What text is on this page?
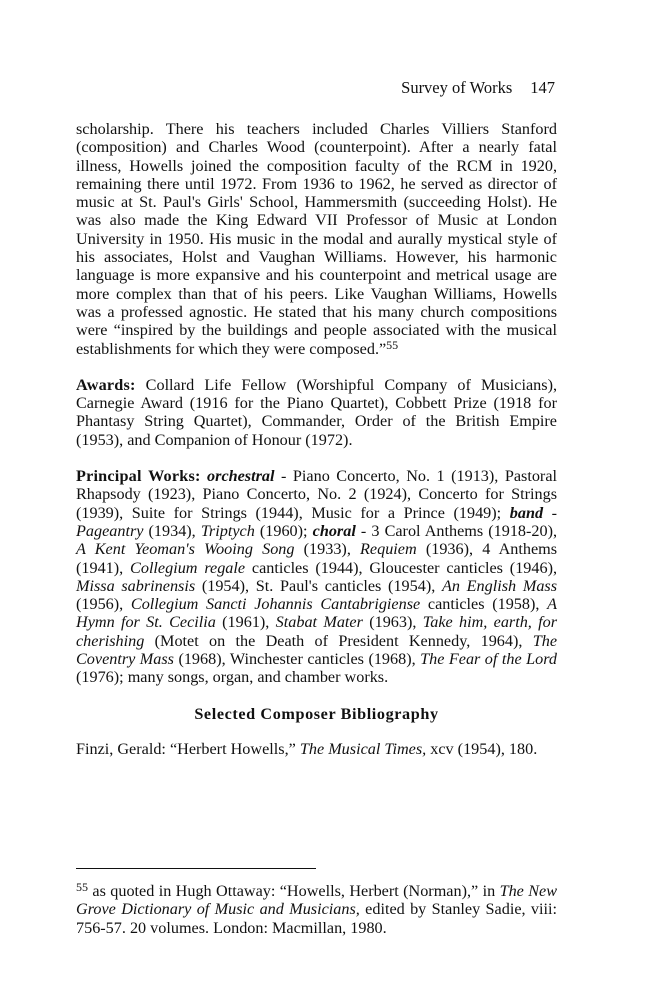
Survey of Works 147

scholarship. There his teachers included Charles Villiers Stanford (composition) and Charles Wood (counterpoint). After a nearly fatal illness, Howells joined the composition faculty of the RCM in 1920, remaining there until 1972. From 1936 to 1962, he served as director of music at St. Paul's Girls' School, Hammersmith (succeeding Holst). He was also made the King Edward VII Professor of Music at London University in 1950. His music in the modal and aurally mystical style of his associates, Holst and Vaughan Williams. However, his harmonic language is more expansive and his counterpoint and metrical usage are more complex than that of his peers. Like Vaughan Williams, Howells was a professed agnostic. He stated that his many church compositions were “inspired by the buildings and people associated with the musical establishments for which they were composed.”$^{55}$

Awards: Collard Life Fellow (Worshipful Company of Musicians), Carnegie Award (1916 for the Piano Quartet), Cobbett Prize (1918 for Phantasy String Quartet), Commander, Order of the British Empire (1953), and Companion of Honour (1972).

Principal Works: orchestral - Piano Concerto, No. 1 (1913), Pastoral Rhapsody (1923), Piano Concerto, No. 2 (1924), Concerto for Strings (1939), Suite for Strings (1944), Music for a Prince (1949); band - Pageantry (1934), Triptych (1960); choral - 3 Carol Anthems (1918-20), A Kent Yeoman's Wooing Song (1933), Requiem (1936), 4 Anthems (1941), Collegium regale canticles (1944), Gloucester canticles (1946), Missa sabrinensis (1954), St. Paul's canticles (1954), An English Mass (1956), Collegium Sancti Johannis Cantabrigiense canticles (1958), A Hymn for St. Cecilia (1961), Stabat Mater (1963), Take him, earth, for cherishing (Motet on the Death of President Kennedy, 1964), The Coventry Mass (1968), Winchester canticles (1968), The Fear of the Lord (1976); many songs, organ, and chamber works.

Selected Composer Bibliography

Finzi, Gerald: “Herbert Howells,” The Musical Times, xcv (1954), 180.

$^{55}$ as quoted in Hugh Ottaway: “Howells, Herbert (Norman),” in The New Grove Dictionary of Music and Musicians, edited by Stanley Sadie, viii: 756-57. 20 volumes. London: Macmillan, 1980.
